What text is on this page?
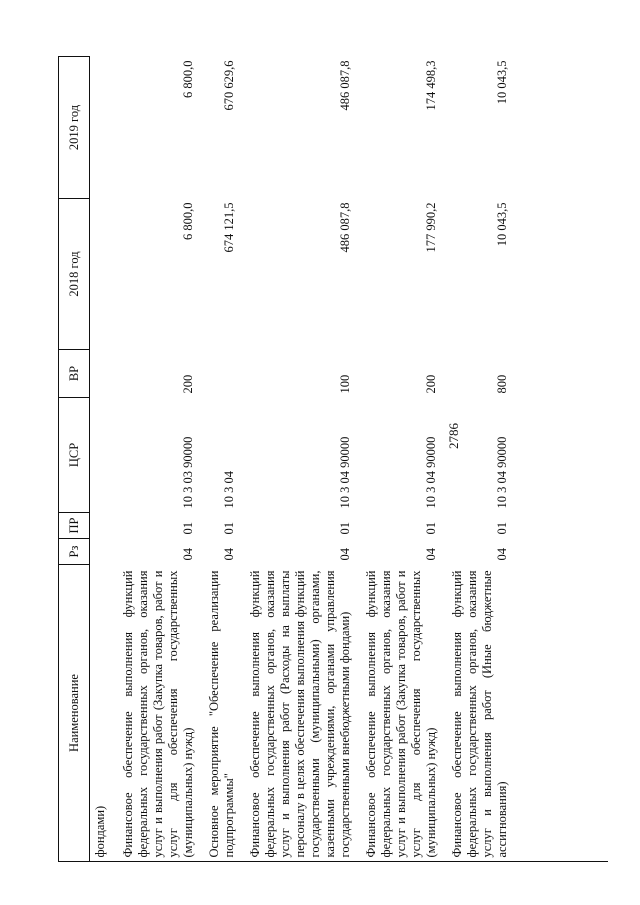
2786
Наименование	Рз	ПР	ЦСР	ВР	2018 год	2019 год
фондами)						
Финансовое обеспечение выполнения функций федеральных государственных органов, оказания услуг и выполнения работ (Закупка товаров, работ и услуг для обеспечения государственных (муниципальных) нужд)	04	01	10 3 03 90000	200	6 800,0	6 800,0
Основное мероприятие "Обеспечение реализации подпрограммы"	04	01	10 3 04		674 121,5	670 629,6
Финансовое обеспечение выполнения функций федеральных государственных органов, оказания услуг и выполнения работ (Расходы на выплаты персоналу в целях обеспечения выполнения функций государственными (муниципальными) органами, казенными учреждениями, органами управления государственными внебюджетными фондами)	04	01	10 3 04 90000	100	486 087,8	486 087,8
Финансовое обеспечение выполнения функций федеральных государственных органов, оказания услуг и выполнения работ (Закупка товаров, работ и услуг для обеспечения государственных (муниципальных) нужд)	04	01	10 3 04 90000	200	177 990,2	174 498,3
Финансовое обеспечение выполнения функций федеральных государственных органов, оказания услуг и выполнения работ (Иные бюджетные ассигнования)	04	01	10 3 04 90000	800	10 043,5	10 043,5
